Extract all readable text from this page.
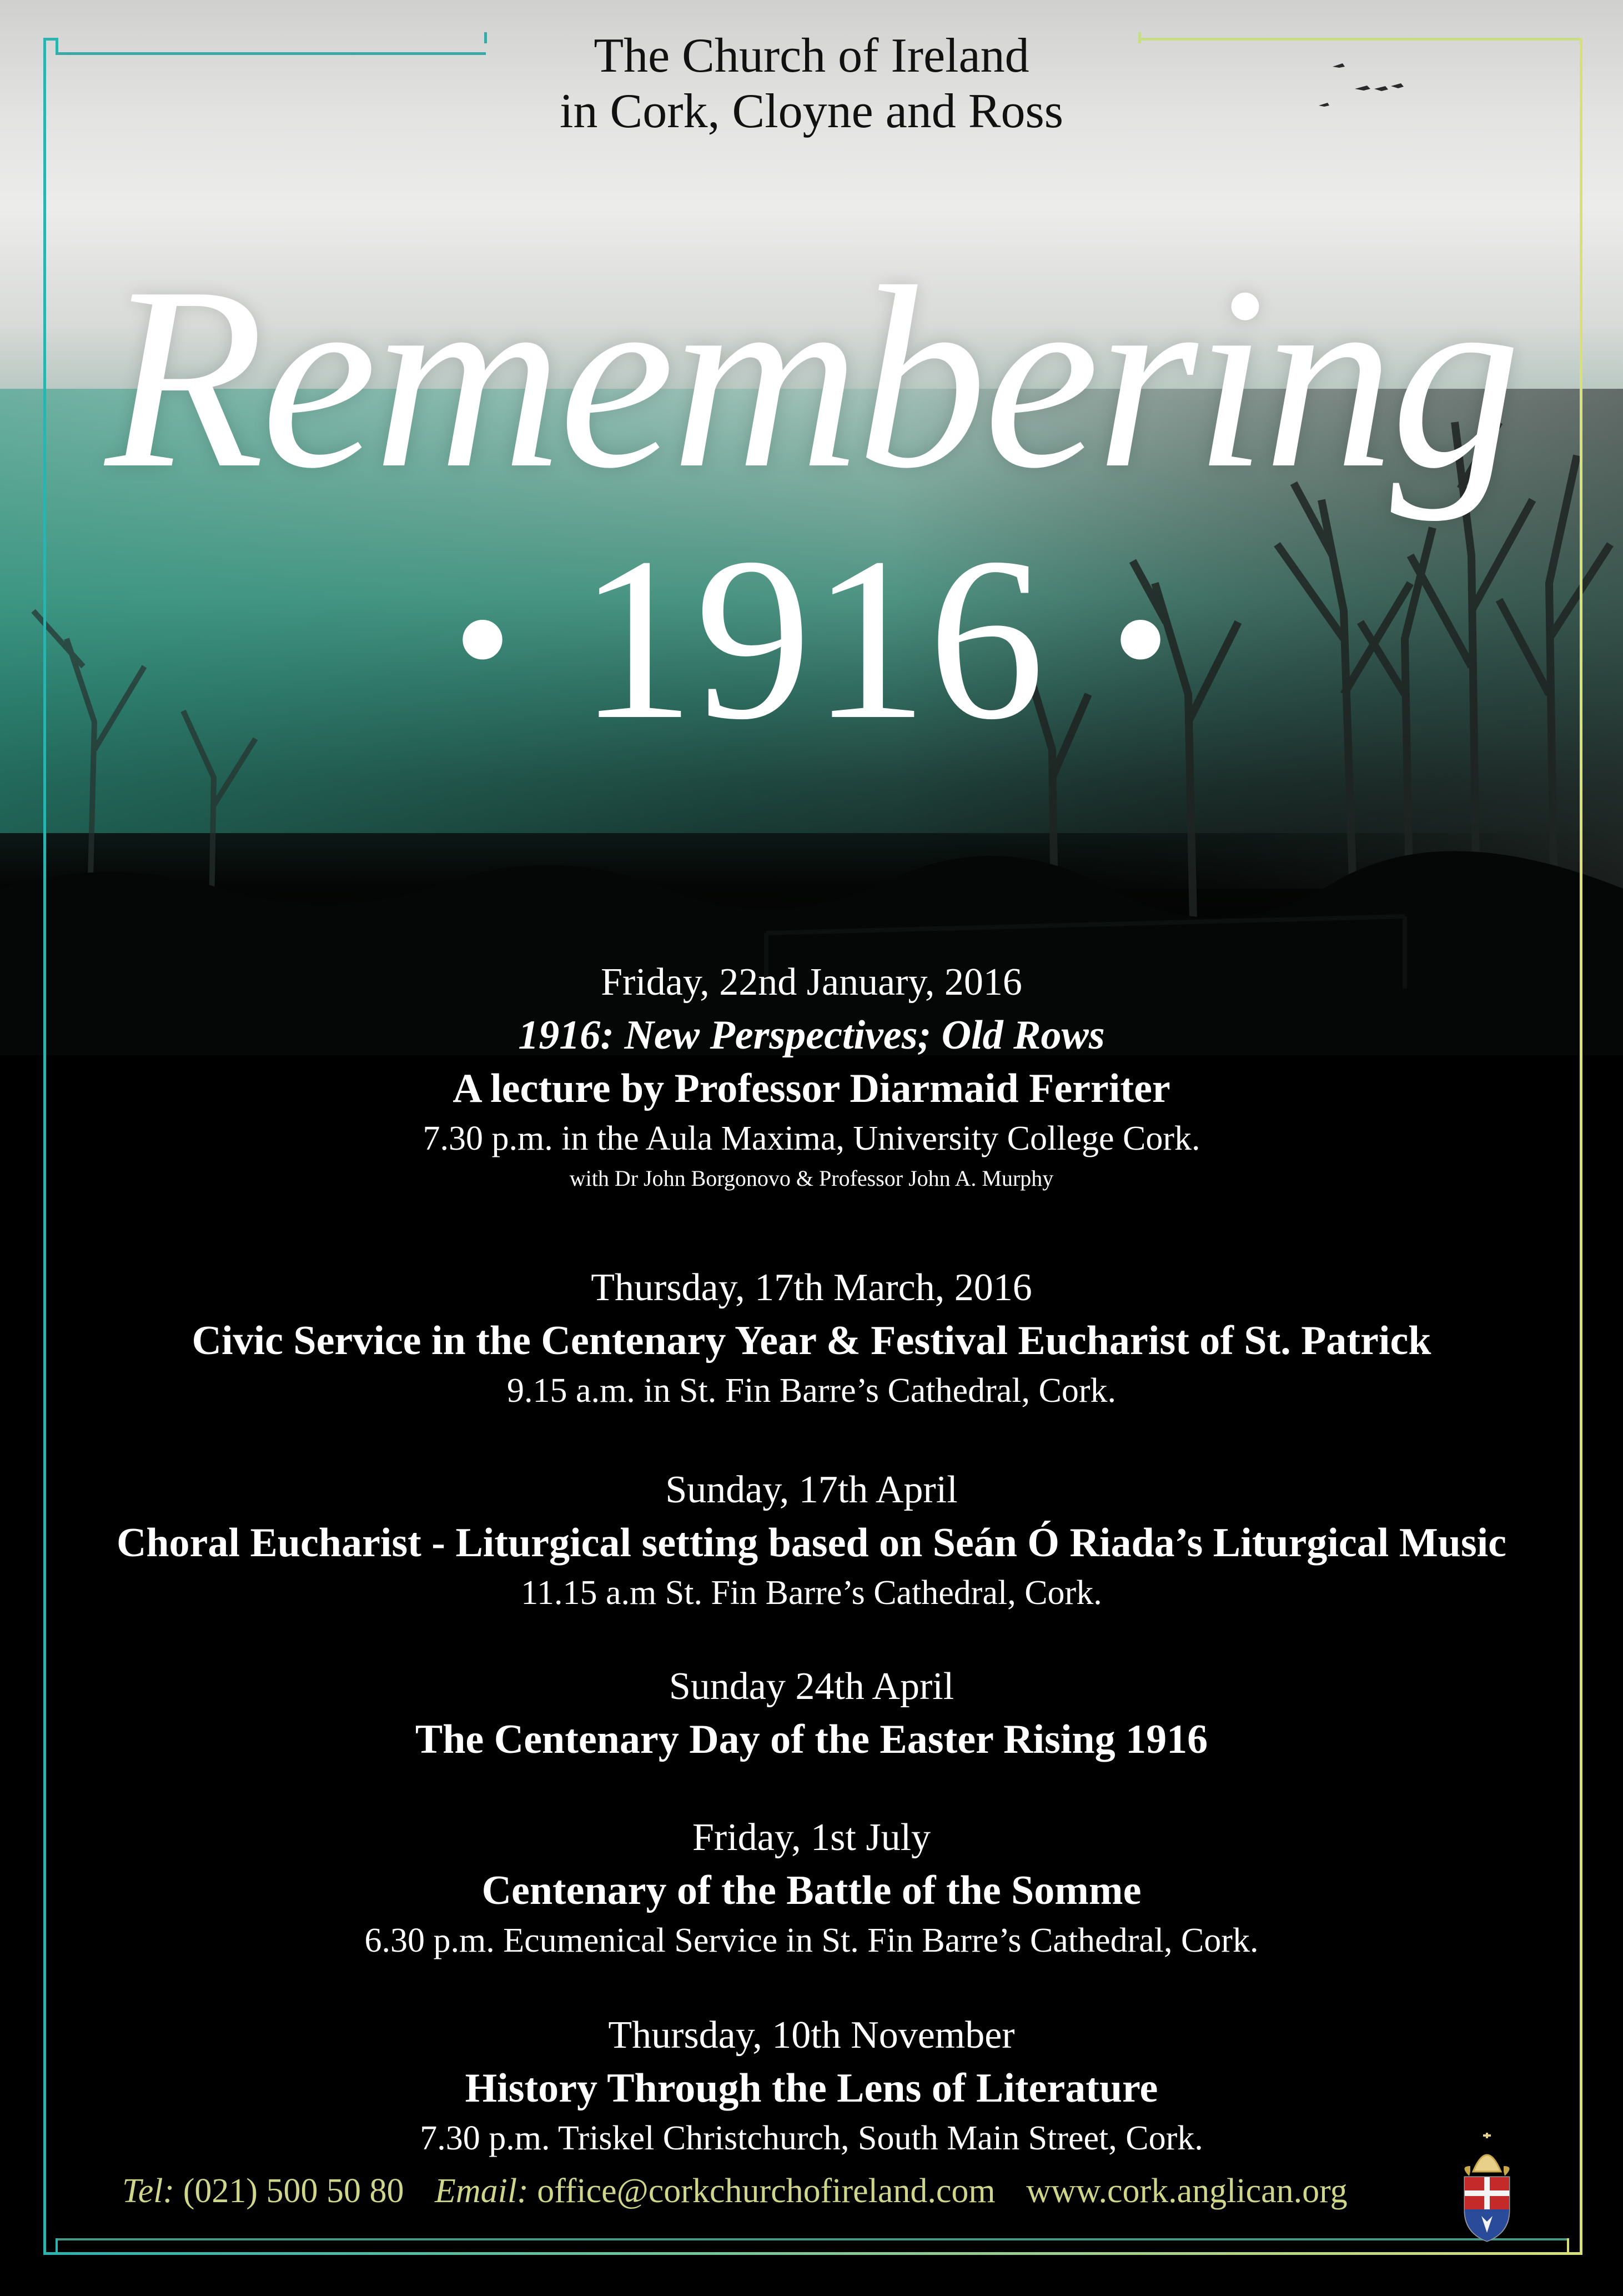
The Church of Ireland
in Cork, Cloyne and Ross
Remembering
• 1916 •
Friday, 22nd January, 2016
1916: New Perspectives; Old Rows
A lecture by Professor Diarmaid Ferriter
7.30 p.m. in the Aula Maxima, University College Cork.
with Dr John Borgonovo & Professor John A. Murphy
Thursday, 17th March, 2016
Civic Service in the Centenary Year & Festival Eucharist of St. Patrick
9.15 a.m. in St. Fin Barre’s Cathedral, Cork.
Sunday, 17th April
Choral Eucharist - Liturgical setting based on Seán Ó Riada’s Liturgical Music
11.15 a.m St. Fin Barre’s Cathedral, Cork.
Sunday 24th April
The Centenary Day of the Easter Rising 1916
Friday, 1st July
Centenary of the Battle of the Somme
6.30 p.m. Ecumenical Service in St. Fin Barre’s Cathedral, Cork.
Thursday, 10th November
History Through the Lens of Literature
7.30 p.m. Triskel Christchurch, South Main Street, Cork.
Tel: (021) 500 50 80 Email: office@corkchurchofireland.com www.cork.anglican.org
